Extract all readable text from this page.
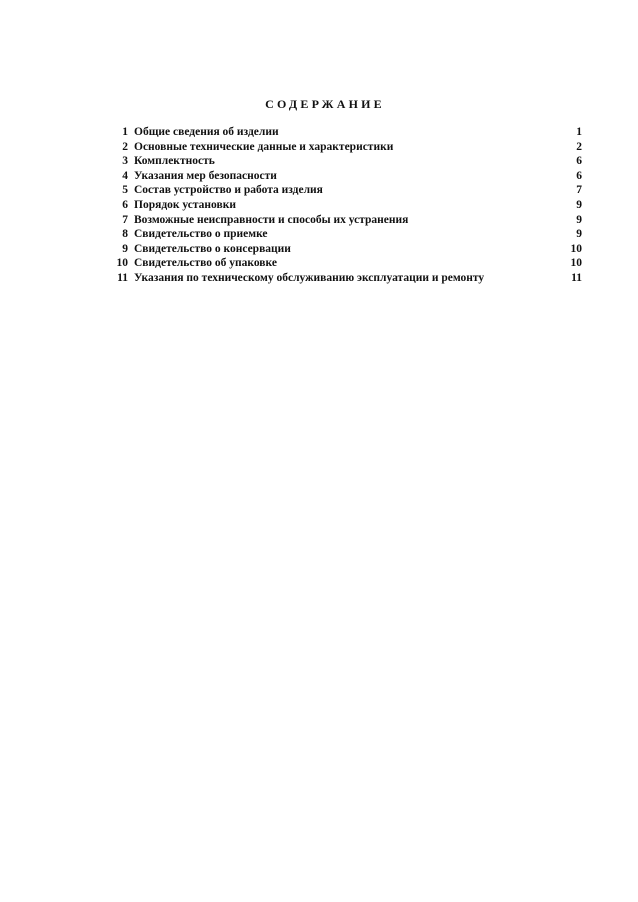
СОДЕРЖАНИЕ
1 Общие сведения об изделии	1
2 Основные технические данные и характеристики	2
3 Комплектность	6
4 Указания мер безопасности	6
5 Состав устройство и работа изделия	7
6 Порядок установки	9
7 Возможные неисправности и способы их устранения	9
8 Свидетельство о приемке	9
9 Свидетельство о консервации	10
10 Свидетельство об упаковке	10
11 Указания по техническому обслуживанию эксплуатации и ремонту	11
